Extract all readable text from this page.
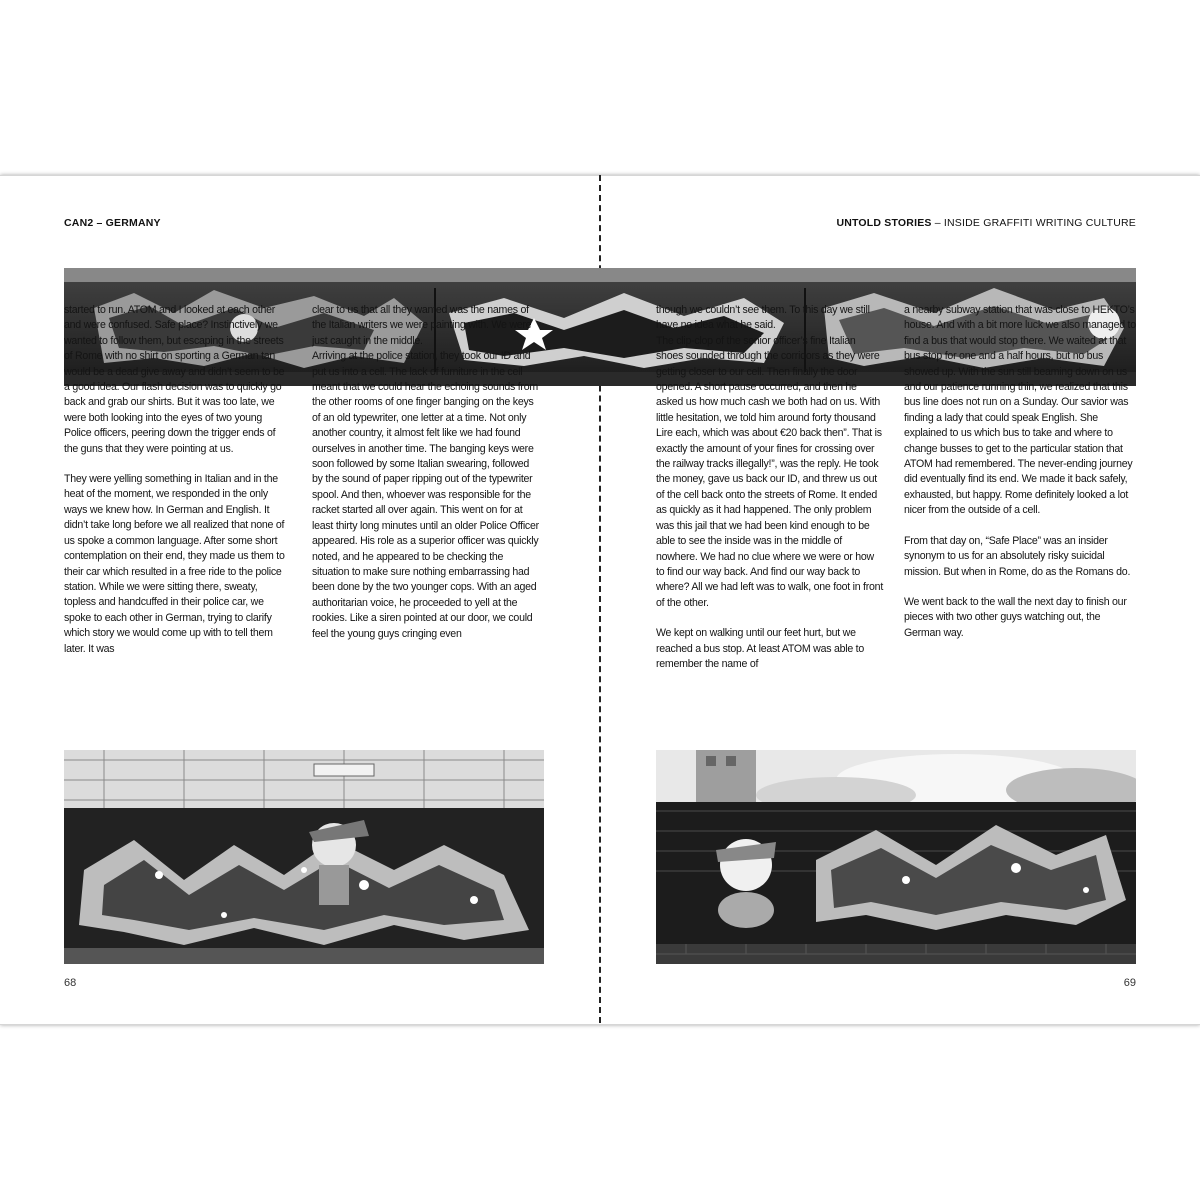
CAN2 – GERMANY	UNTOLD STORIES – INSIDE GRAFFITI WRITING CULTURE

started to run. ATOM and I looked at each other and were confused. Safe place? Instinctively we wanted to follow them, but escaping in the streets of Rome with no shirt on sporting a German tan would be a dead give away and didn’t seem to be a good idea. Our flash decision was to quickly go back and grab our shirts. But it was too late, we were both looking into the eyes of two young Police officers, peering down the trigger ends of the guns that they were pointing at us.

They were yelling something in Italian and in the heat of the moment, we responded in the only ways we knew how. In German and English. It didn’t take long before we all realized that none of us spoke a common language. After some short contemplation on their end, they made us them to their car which resulted in a free ride to the police station. While we were sitting there, sweaty, topless and handcuffed in their police car, we spoke to each other in German, trying to clarify which story we would come up with to tell them later. It was

clear to us that all they wanted was the names of the Italian writers we were painting with. We were just caught in the middle.

Arriving at the police station, they took our ID and put us into a cell. The lack of furniture in the cell meant that we could hear the echoing sounds from the other rooms of one finger banging on the keys of an old typewriter, one letter at a time. Not only another country, it almost felt like we had found ourselves in another time. The banging keys were soon followed by some Italian swearing, followed by the sound of paper ripping out of the typewriter spool. And then, whoever was responsible for the racket started all over again. This went on for at least thirty long minutes until an older Police Officer appeared. His role as a superior officer was quickly noted, and he appeared to be checking the situation to make sure nothing embarrassing had been done by the two younger cops. With an aged authoritarian voice, he proceeded to yell at the rookies. Like a siren pointed at our door, we could feel the young guys cringing even

though we couldn’t see them. To this day we still have no idea what he said.

The clip-clop of the senior officer’s fine Italian shoes sounded through the corridors as they were getting closer to our cell. Then finally the door opened. A short pause occurred, and then he asked us how much cash we both had on us. With little hesitation, we told him around forty thousand Lire each, which was about €20 back then”. That is exactly the amount of your fines for crossing over the railway tracks illegally!”, was the reply. He took the money, gave us back our ID, and threw us out of the cell back onto the streets of Rome. It ended as quickly as it had happened. The only problem was this jail that we had been kind enough to be able to see the inside was in the middle of nowhere. We had no clue where we were or how to find our way back. And find our way back to where? All we had left was to walk, one foot in front of the other.

We kept on walking until our feet hurt, but we reached a bus stop. At least ATOM was able to remember the name of

a nearby subway station that was close to HEKTO’s house. And with a bit more luck we also managed to find a bus that would stop there. We waited at that bus stop for one and a half hours, but no bus showed up. With the sun still beaming down on us and our patience running thin, we realized that this bus line does not run on a Sunday. Our savior was finding a lady that could speak English. She explained to us which bus to take and where to change busses to get to the particular station that ATOM had remembered. The never-ending journey did eventually find its end. We made it back safely, exhausted, but happy. Rome definitely looked a lot nicer from the outside of a cell.

From that day on, “Safe Place” was an insider synonym to us for an absolutely risky suicidal mission. But when in Rome, do as the Romans do.

We went back to the wall the next day to finish our pieces with two other guys watching out, the German way.

68	69
